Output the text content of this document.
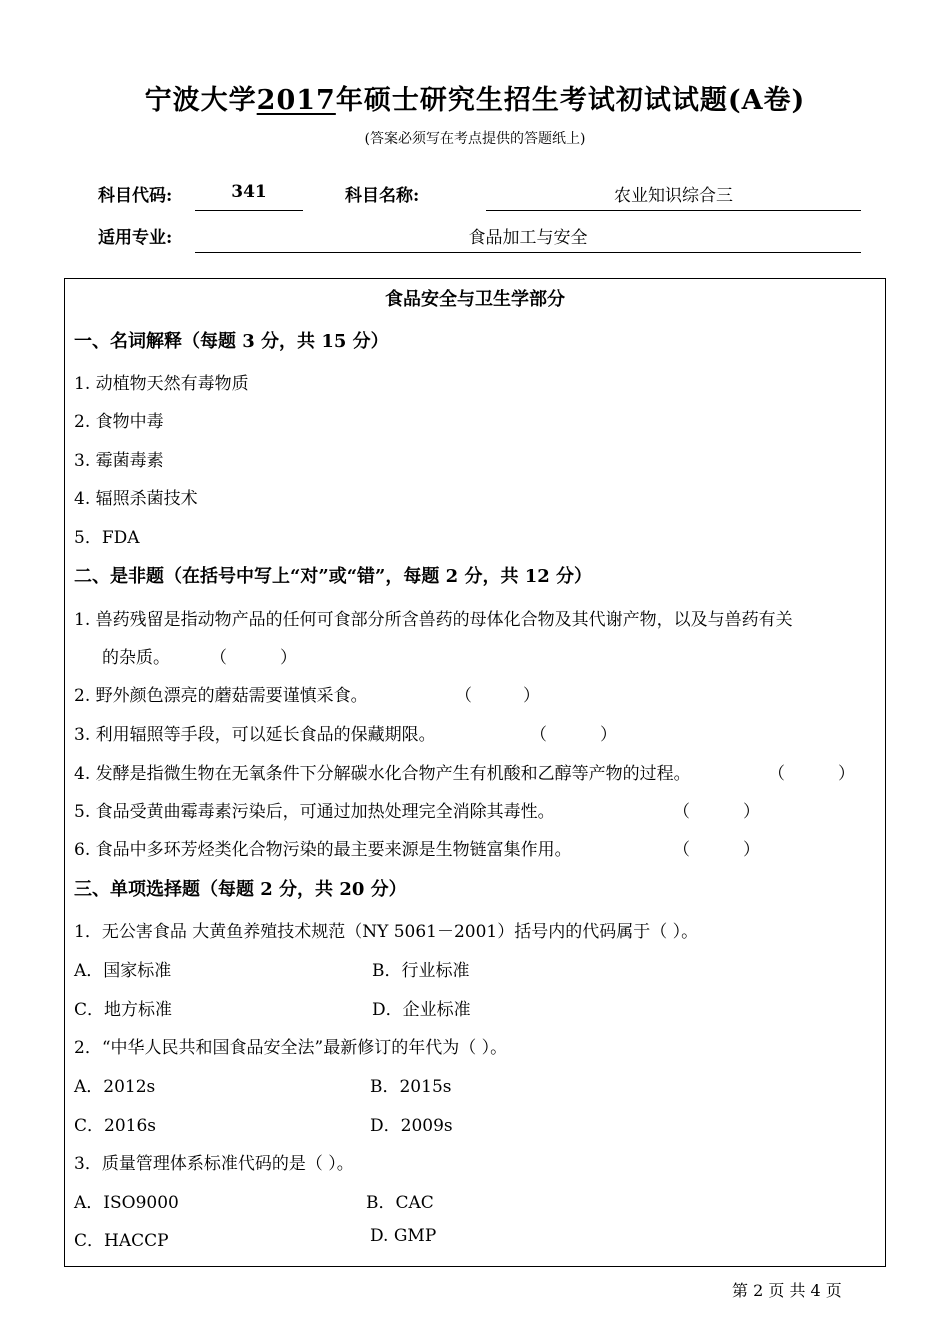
宁波大学2017年硕士研究生招生考试初试试题(A卷)
(答案必须写在考点提供的答题纸上)
科目代码:	341	科目名称:	农业知识综合三
适用专业:	食品加工与安全
食品安全与卫生学部分
一、名词解释（每题 3 分，共 15 分）
1. 动植物天然有毒物质
2. 食物中毒
3. 霉菌毒素
4. 辐照杀菌技术
5．FDA
二、是非题（在括号中写上“对”或“错”，每题 2 分，共 12 分）
1. 兽药残留是指动物产品的任何可食部分所含兽药的母体化合物及其代谢产物，以及与兽药有关
的杂质。 （	）
2. 野外颜色漂亮的蘑菇需要谨慎采食。	（	）
3. 利用辐照等手段，可以延长食品的保藏期限。	（	）
4. 发酵是指微生物在无氧条件下分解碳水化合物产生有机酸和乙醇等产物的过程。	（	）
5. 食品受黄曲霉毒素污染后，可通过加热处理完全消除其毒性。	（	）
6. 食品中多环芳烃类化合物污染的最主要来源是生物链富集作用。	（	）
三、单项选择题（每题 2 分，共 20 分）
1．无公害食品 大黄鱼养殖技术规范（NY 5061－2001）括号内的代码属于（ ）。
A．国家标准	B．行业标准
C．地方标准	D．企业标准
2．“中华人民共和国食品安全法”最新修订的年代为（ ）。
A．2012s	B．2015s
C．2016s	D．2009s
3．质量管理体系标准代码的是（ ）。
A．ISO9000	B．CAC
C．HACCP	D. GMP
第 2 页 共 4 页
